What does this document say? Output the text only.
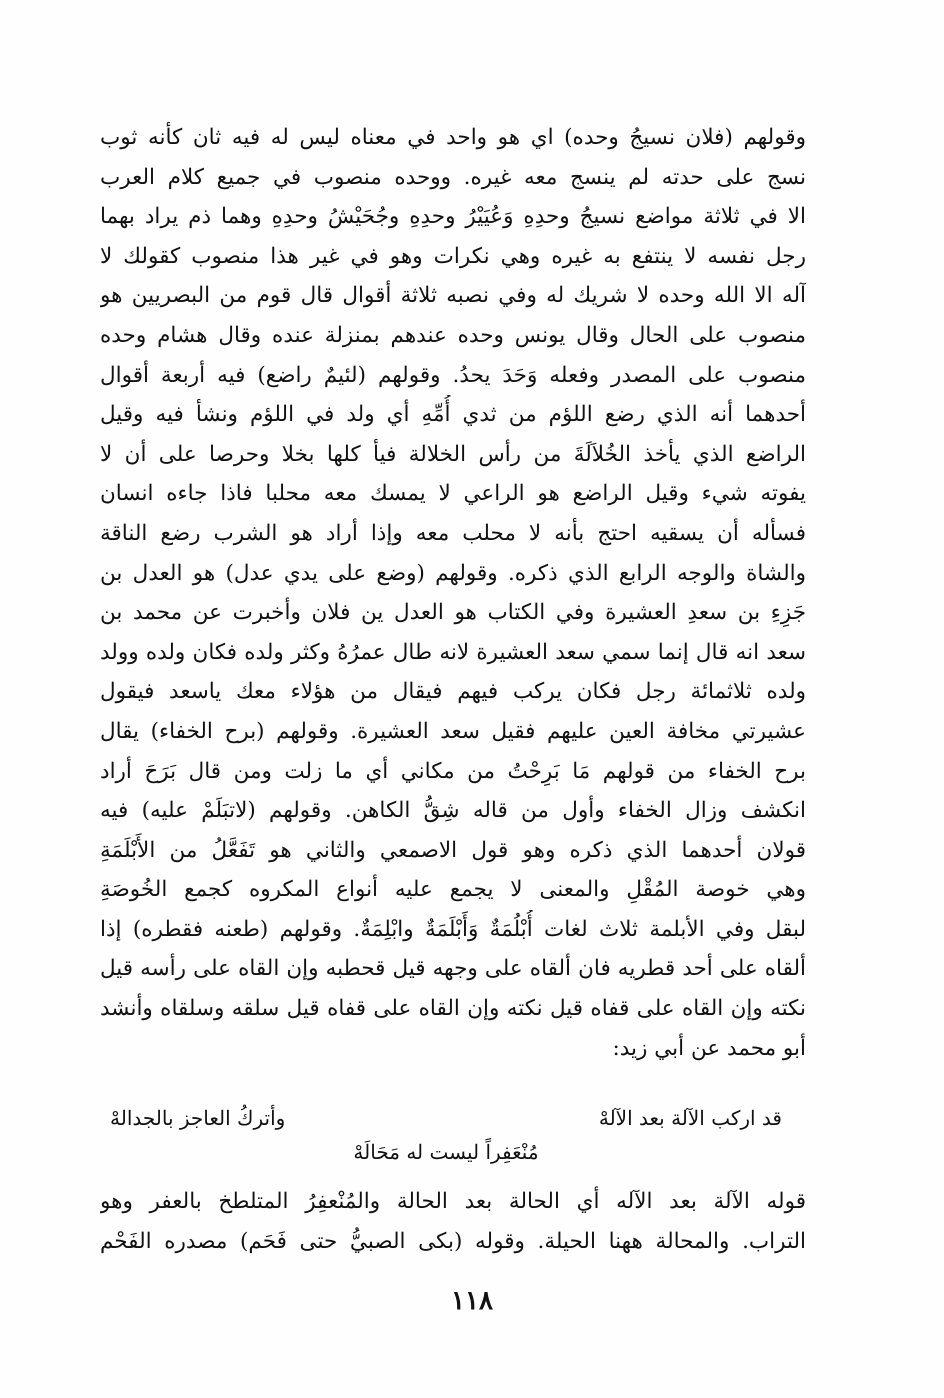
وقولهم (فلان نسيجُ وحده) اي هو واحد في معناه ليس له فيه ثان كأنه ثوب
نسج على حدته لم ينسج معه غيره. ووحده منصوب في جميع كلام العرب
الا في ثلاثة مواضع نسيجُ وحدِهِ وَعُيَيْرُ وحدِهِ وجُحَيْشُ وحدِهِ وهما ذم يراد بهما
رجل نفسه لا ينتفع به غيره وهي نكرات وهو في غير هذا منصوب كقولك لا
آله الا الله وحده لا شريك له وفي نصبه ثلاثة أقوال قال قوم من البصريين هو
منصوب على الحال وقال يونس وحده عندهم بمنزلة عنده وقال هشام وحده
منصوب على المصدر وفعله وَحَدَ يحدُ. وقولهم (لئيمٌ راضع) فيه أربعة أقوال
أحدهما أنه الذي رضع اللؤم من ثدي أُمِّهِ أي ولد في اللؤم ونشأ فيه وقيل
الراضع الذي يأخذ الخُلاَلَةَ من رأس الخلالة فيأ كلها بخلا وحرصا على أن لا
يفوته شيء وقيل الراضع هو الراعي لا يمسك معه محلبا فاذا جاءه انسان
فسأله أن يسقيه احتج بأنه لا محلب معه وإذا أراد هو الشرب رضع الناقة
والشاة والوجه الرابع الذي ذكره. وقولهم (وضع على يدي عدل) هو العدل بن
جَزِءِ بن سعدِ العشيرة وفي الكتاب هو العدل ين فلان وأخبرت عن محمد بن
سعد انه قال إنما سمي سعد العشيرة لانه طال عمرُهُ وكثر ولده فكان ولده وولد
ولده ثلاثمائة رجل فكان يركب فيهم فيقال من هؤلاء معك ياسعد فيقول
عشيرتي مخافة العين عليهم فقيل سعد العشيرة. وقولهم (برح الخفاء) يقال
برح الخفاء من قولهم مَا بَرِحْتُ من مكاني أي ما زلت ومن قال بَرَحَ أراد
انكشف وزال الخفاء وأول من قاله شِقُّ الكاهن. وقولهم (لاتبَلَمْ عليه) فيه
قولان أحدهما الذي ذكره وهو قول الاصمعي والثاني هو تَفَعَّلُ من الأَبْلَمَةِ
وهي خوصة المُقْلِ والمعنى لا يجمع عليه أنواع المكروه كجمع الخُوصَةِ
لبقل وفي الأبلمة ثلاث لغات أُبْلُمَةٌ وَأَبْلَمَةٌ وابْلِمَةٌ. وقولهم (طعنه فقطره) إذا
ألقاه على أحد قطريه فان ألقاه على وجهه قيل قحطبه وإن القاه على رأسه قيل
نكته وإن القاه على قفاه قيل نكته وإن القاه على قفاه قيل سلقه وسلقاه وأنشد
أبو محمد عن أبي زيد:
قد اركب الآلة بعد الآلهْ
وأتركُ العاجز بالجدالهْ
مُنْعَفِراً ليست له مَحَالَهْ
قوله الآلة بعد الآله أي الحالة بعد الحالة والمُنْعفِرُ المتلطخ بالعفر وهو
التراب. والمحالة ههنا الحيلة. وقوله (بكى الصبيُّ حتى فَحَم) مصدره الفَحْم
١١٨
